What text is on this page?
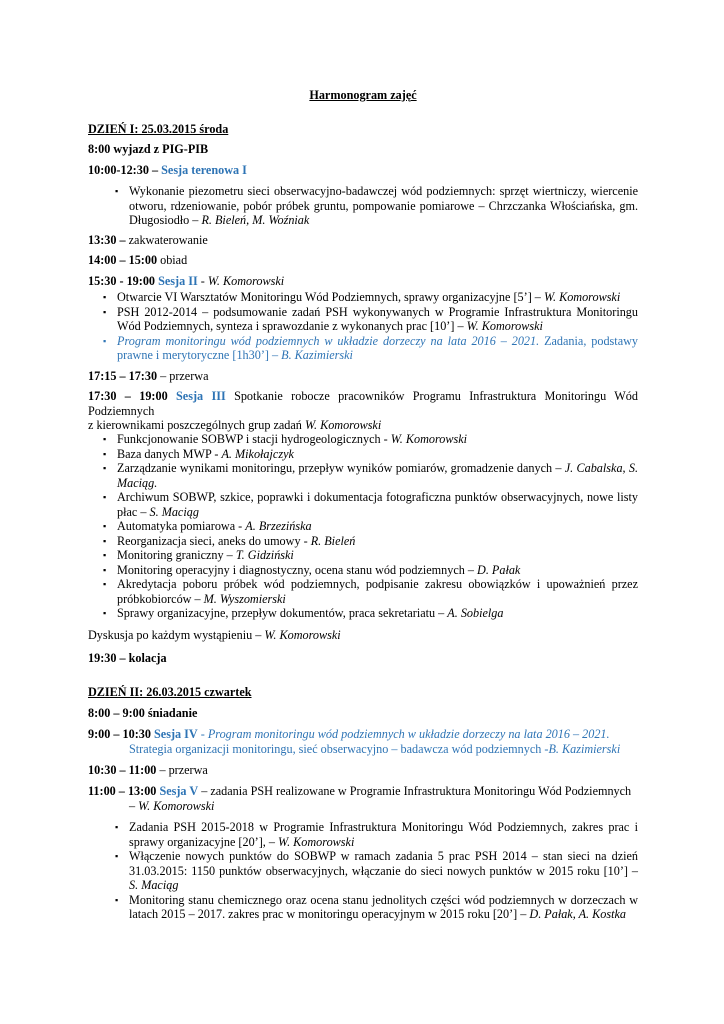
Harmonogram zajęć
DZIEŃ I: 25.03.2015 środa
8:00 wyjazd z PIG-PIB
10:00-12:30 – Sesja terenowa I
▪ Wykonanie piezometru sieci obserwacyjno-badawczej wód podziemnych: sprzęt wiertniczy, wiercenie otworu, rdzeniowanie, pobór próbek gruntu, pompowanie pomiarowe – Chrzczanka Włościańska, gm. Długosiodło – R. Bieleń, M. Woźniak
13:30 – zakwaterowanie
14:00 – 15:00 obiad
15:30 - 19:00 Sesja II - W. Komorowski
▪ Otwarcie VI Warsztatów Monitoringu Wód Podziemnych, sprawy organizacyjne [5’] – W. Komorowski
▪ PSH 2012-2014 – podsumowanie zadań PSH wykonywanych w Programie Infrastruktura Monitoringu Wód Podziemnych, synteza i sprawozdanie z wykonanych prac [10’] – W. Komorowski
▪ Program monitoringu wód podziemnych w układzie dorzeczy na lata 2016 – 2021. Zadania, podstawy prawne i merytoryczne [1h30’] – B. Kazimierski
17:15 – 17:30 – przerwa
17:30 – 19:00 Sesja III Spotkanie robocze pracowników Programu Infrastruktura Monitoringu Wód Podziemnych
z kierownikami poszczególnych grup zadań W. Komorowski
▪ Funkcjonowanie SOBWP i stacji hydrogeologicznych - W. Komorowski
▪ Baza danych MWP - A. Mikołajczyk
▪ Zarządzanie wynikami monitoringu, przepływ wyników pomiarów, gromadzenie danych – J. Cabalska, S. Maciąg.
▪ Archiwum SOBWP, szkice, poprawki i dokumentacja fotograficzna punktów obserwacyjnych, nowe listy płac – S. Maciąg
▪ Automatyka pomiarowa - A. Brzezińska
▪ Reorganizacja sieci, aneks do umowy - R. Bieleń
▪ Monitoring graniczny – T. Gidziński
▪ Monitoring operacyjny i diagnostyczny, ocena stanu wód podziemnych – D. Pałak
▪ Akredytacja poboru próbek wód podziemnych, podpisanie zakresu obowiązków i upoważnień przez próbkobiorców – M. Wyszomierski
▪ Sprawy organizacyjne, przepływ dokumentów, praca sekretariatu – A. Sobielga
Dyskusja po każdym wystąpieniu – W. Komorowski
19:30 – kolacja
DZIEŃ II: 26.03.2015 czwartek
8:00 – 9:00 śniadanie
9:00 – 10:30 Sesja IV - Program monitoringu wód podziemnych w układzie dorzeczy na lata 2016 – 2021.
Strategia organizacji monitoringu, sieć obserwacyjno – badawcza wód podziemnych -B. Kazimierski
10:30 – 11:00 – przerwa
11:00 – 13:00 Sesja V – zadania PSH realizowane w Programie Infrastruktura Monitoringu Wód Podziemnych
– W. Komorowski
▪ Zadania PSH 2015-2018 w Programie Infrastruktura Monitoringu Wód Podziemnych, zakres prac i sprawy organizacyjne [20’], – W. Komorowski
▪ Włączenie nowych punktów do SOBWP w ramach zadania 5 prac PSH 2014 – stan sieci na dzień 31.03.2015: 1150 punktów obserwacyjnych, włączanie do sieci nowych punktów w 2015 roku [10’] – S. Maciąg
▪ Monitoring stanu chemicznego oraz ocena stanu jednolitych części wód podziemnych w dorzeczach w latach 2015 – 2017. zakres prac w monitoringu operacyjnym w 2015 roku [20’] – D. Pałak, A. Kostka
